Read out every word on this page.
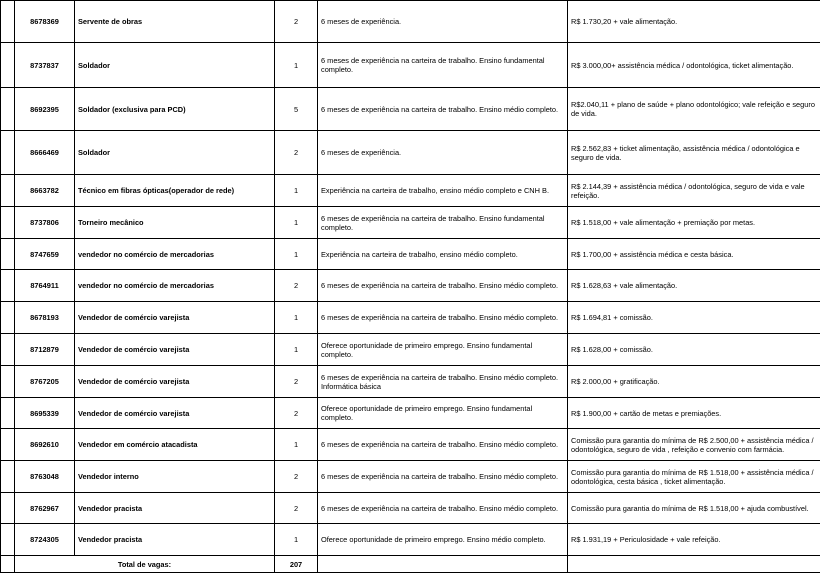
	8678369	Servente de obras	2	6 meses de experiência.	R$ 1.730,20 + vale alimentação.
	8737837	Soldador	1	6 meses de experiência na carteira de trabalho. Ensino fundamental completo.	R$ 3.000,00+ assistência médica / odontológica, ticket alimentação.
	8692395	Soldador (exclusiva para PCD)	5	6 meses de experiência na carteira de trabalho. Ensino médio completo.	R$2.040,11 + plano de saúde + plano odontológico; vale refeição e seguro de vida.
	8666469	Soldador	2	6 meses de experiência.	R$ 2.562,83 + ticket alimentação, assistência médica / odontológica e seguro de vida.
	8663782	Técnico em fibras ópticas(operador de rede)	1	Experiência na carteira de trabalho, ensino médio completo e CNH B.	R$ 2.144,39 + assistência médica / odontológica, seguro de vida e vale refeição.
	8737806	Torneiro mecânico	1	6 meses de experiência na carteira de trabalho. Ensino fundamental completo.	R$ 1.518,00 + vale alimentação + premiação por metas.
	8747659	vendedor no comércio de mercadorias	1	Experiência na carteira de trabalho, ensino médio completo.	R$ 1.700,00 + assistência médica e cesta básica.
	8764911	vendedor no comércio de mercadorias	2	6 meses de experiência na carteira de trabalho. Ensino médio completo.	R$ 1.628,63 + vale alimentação.
	8678193	Vendedor de comércio varejista	1	6 meses de experiência na carteira de trabalho. Ensino médio completo.	R$ 1.694,81 + comissão.
	8712879	Vendedor de comércio varejista	1	Oferece oportunidade de primeiro emprego. Ensino fundamental completo.	R$ 1.628,00 + comissão.
	8767205	Vendedor de comércio varejista	2	6 meses de experiência na carteira de trabalho. Ensino médio completo. Informática básica	R$ 2.000,00 + gratificação.
	8695339	Vendedor de comércio varejista	2	Oferece oportunidade de primeiro emprego. Ensino fundamental completo.	R$ 1.900,00 + cartão de metas e premiações.
	8692610	Vendedor em comércio atacadista	1	6 meses de experiência na carteira de trabalho. Ensino médio completo.	Comissão pura garantia do mínima de R$ 2.500,00 + assistência médica / odontológica, seguro de vida , refeição e convenio com farmácia.
	8763048	Vendedor interno	2	6 meses de experiência na carteira de trabalho. Ensino médio completo.	Comissão pura garantia do mínima de R$ 1.518,00 + assistência médica / odontológica, cesta básica , ticket alimentação.
	8762967	Vendedor pracista	2	6 meses de experiência na carteira de trabalho. Ensino médio completo.	Comissão pura garantia do mínima de R$ 1.518,00 + ajuda combustível.
	8724305	Vendedor pracista	1	Oferece oportunidade de primeiro emprego. Ensino médio completo.	R$ 1.931,19 + Periculosidade + vale refeição.
	Total de vagas:		207		
